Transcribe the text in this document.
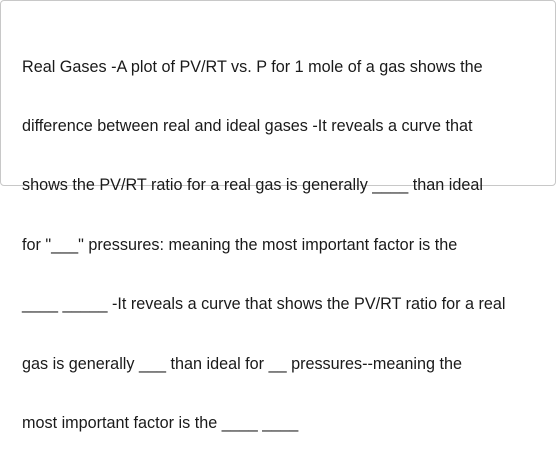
Real Gases -A plot of PV/RT vs. P for 1 mole of a gas shows the

difference between real and ideal gases -It reveals a curve that

shows the PV/RT ratio for a real gas is generally ____ than ideal

for "___" pressures: meaning the most important factor is the

____ _____ -It reveals a curve that shows the PV/RT ratio for a real

gas is generally ___ than ideal for __ pressures--meaning the

most important factor is the ____ ____
